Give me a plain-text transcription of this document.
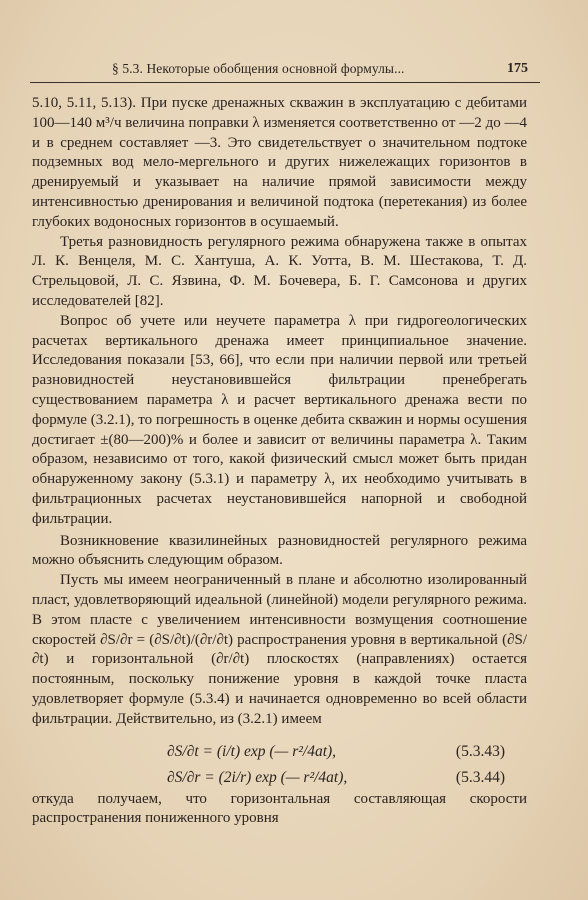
§ 5.3. Некоторые обобщения основной формулы...	175

5.10, 5.11, 5.13). При пуске дренажных скважин в эксплуатацию с дебитами 100—140 м³/ч величина поправки λ изменяется соответственно от —2 до —4 и в среднем составляет —3. Это свидетельствует о значительном подтоке подземных вод мело-мергельного и других нижележащих горизонтов в дренируемый и указывает на наличие прямой зависимости между интенсивностью дренирования и величиной подтока (перетекания) из более глубоких водоносных горизонтов в осушаемый.

Третья разновидность регулярного режима обнаружена также в опытах Л. К. Венцеля, М. С. Хантуша, А. К. Уотта, В. М. Шестакова, Т. Д. Стрельцовой, Л. С. Язвина, Ф. М. Бочевера, Б. Г. Самсонова и других исследователей [82].

Вопрос об учете или неучете параметра λ при гидрогеологических расчетах вертикального дренажа имеет принципиальное значение. Исследования показали [53, 66], что если при наличии первой или третьей разновидностей неустановившейся фильтрации пренебрегать существованием параметра λ и расчет вертикального дренажа вести по формуле (3.2.1), то погрешность в оценке дебита скважин и нормы осушения достигает ±(80—200)% и более и зависит от величины параметра λ. Таким образом, независимо от того, какой физический смысл может быть придан обнаруженному закону (5.3.1) и параметру λ, их необходимо учитывать в фильтрационных расчетах неустановившейся напорной и свободной фильтрации.

Возникновение квазилинейных разновидностей регулярного режима можно объяснить следующим образом.

Пусть мы имеем неограниченный в плане и абсолютно изолированный пласт, удовлетворяющий идеальной (линейной) модели регулярного режима. В этом пласте с увеличением интенсивности возмущения соотношение скоростей ∂S/∂r = (∂S/∂t)/(∂r/∂t) распространения уровня в вертикальной (∂S/∂t) и горизонтальной (∂r/∂t) плоскостях (направлениях) остается постоянным, поскольку понижение уровня в каждой точке пласта удовлетворяет формуле (5.3.4) и начинается одновременно во всей области фильтрации. Действительно, из (3.2.1) имеем

∂S/∂t = (i/t) exp (— r²/4at),	(5.3.43)
∂S/∂r = (2i/r) exp (— r²/4at),	(5.3.44)

откуда получаем, что горизонтальная составляющая скорости распространения пониженного уровня
